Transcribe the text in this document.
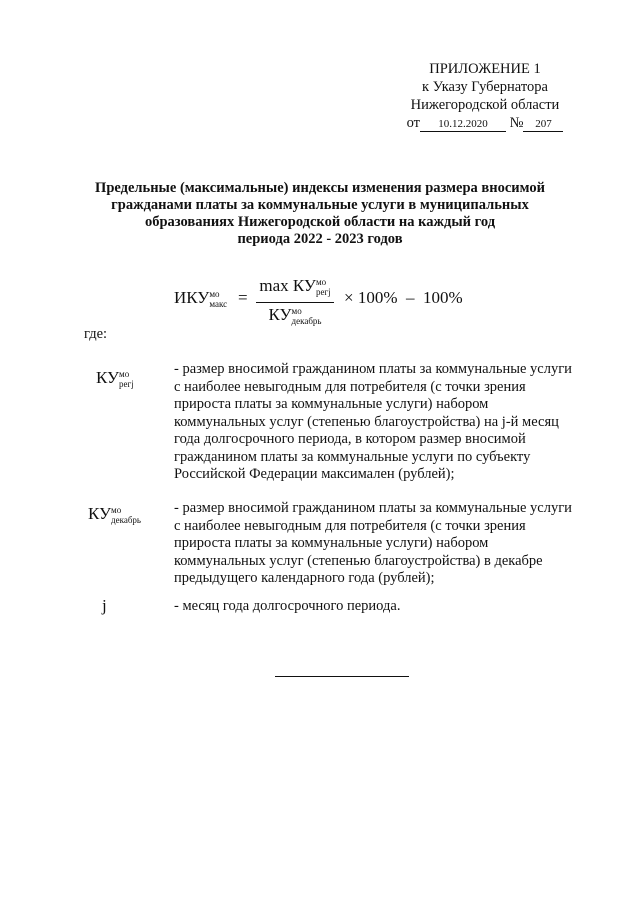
ПРИЛОЖЕНИЕ 1
к Указу Губернатора
Нижегородской области
от 10.12.2020 № 207
Предельные (максимальные) индексы изменения размера вносимой
гражданами платы за коммунальные услуги в муниципальных
образованиях Нижегородской области на каждый год
периода 2022 - 2023 годов
ИКУ мо
макс =
max КУ мо
регj
КУ мо
декабрь
× 100%  –  100%
где:
КУ мо
регj
- размер вносимой гражданином платы за коммунальные услуги
с наиболее невыгодным для потребителя (с точки зрения
прироста платы за коммунальные услуги) набором
коммунальных услуг (степенью благоустройства) на j-й месяц
года долгосрочного периода, в котором размер вносимой
гражданином платы за коммунальные услуги по субъекту
Российской Федерации максимален (рублей);
КУ мо
декабрь
- размер вносимой гражданином платы за коммунальные услуги
с наиболее невыгодным для потребителя (с точки зрения
прироста платы за коммунальные услуги) набором
коммунальных услуг (степенью благоустройства) в декабре
предыдущего календарного года (рублей);
j	- месяц года долгосрочного периода.
